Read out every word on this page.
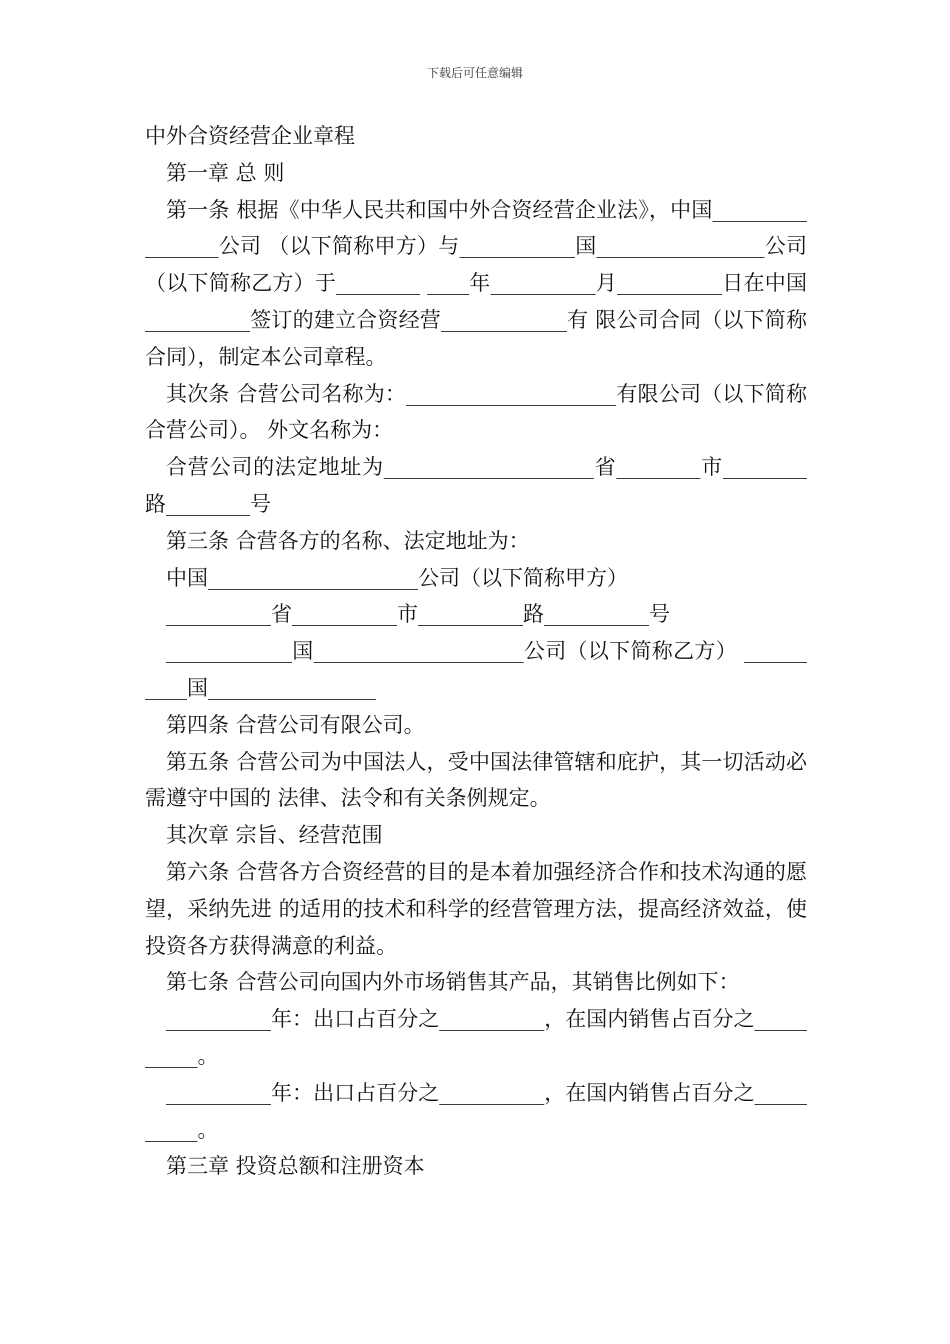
下载后可任意编辑

中外合资经营企业章程

第一章 总 则

第一条 根据《中华人民共和国中外合资经营企业法》，中国________________公司 （以下简称甲方）与___________国________________公司（以下简称乙方）于________ ____年__________月__________日在中国__________签订的建立合资经营____________有 限公司合同（以下简称合同），制定本公司章程。

其次条 合营公司名称为：____________________有限公司（以下简称合营公司）。 外文名称为：

合营公司的法定地址为____________________省________市________路________号

第三条 合营各方的名称、法定地址为：

中国____________________公司（以下简称甲方）

__________省__________市__________路__________号

____________国____________________公司（以下简称乙方） __________国________________

第四条 合营公司有限公司。

第五条 合营公司为中国法人，受中国法律管辖和庇护，其一切活动必需遵守中国的 法律、法令和有关条例规定。

其次章 宗旨、经营范围

第六条 合营各方合资经营的目的是本着加强经济合作和技术沟通的愿望，采纳先进 的适用的技术和科学的经营管理方法，提高经济效益，使投资各方获得满意的利益。

第七条 合营公司向国内外市场销售其产品，其销售比例如下：

__________年：出口占百分之__________，在国内销售占百分之__________。

__________年：出口占百分之__________，在国内销售占百分之__________。

第三章 投资总额和注册资本
